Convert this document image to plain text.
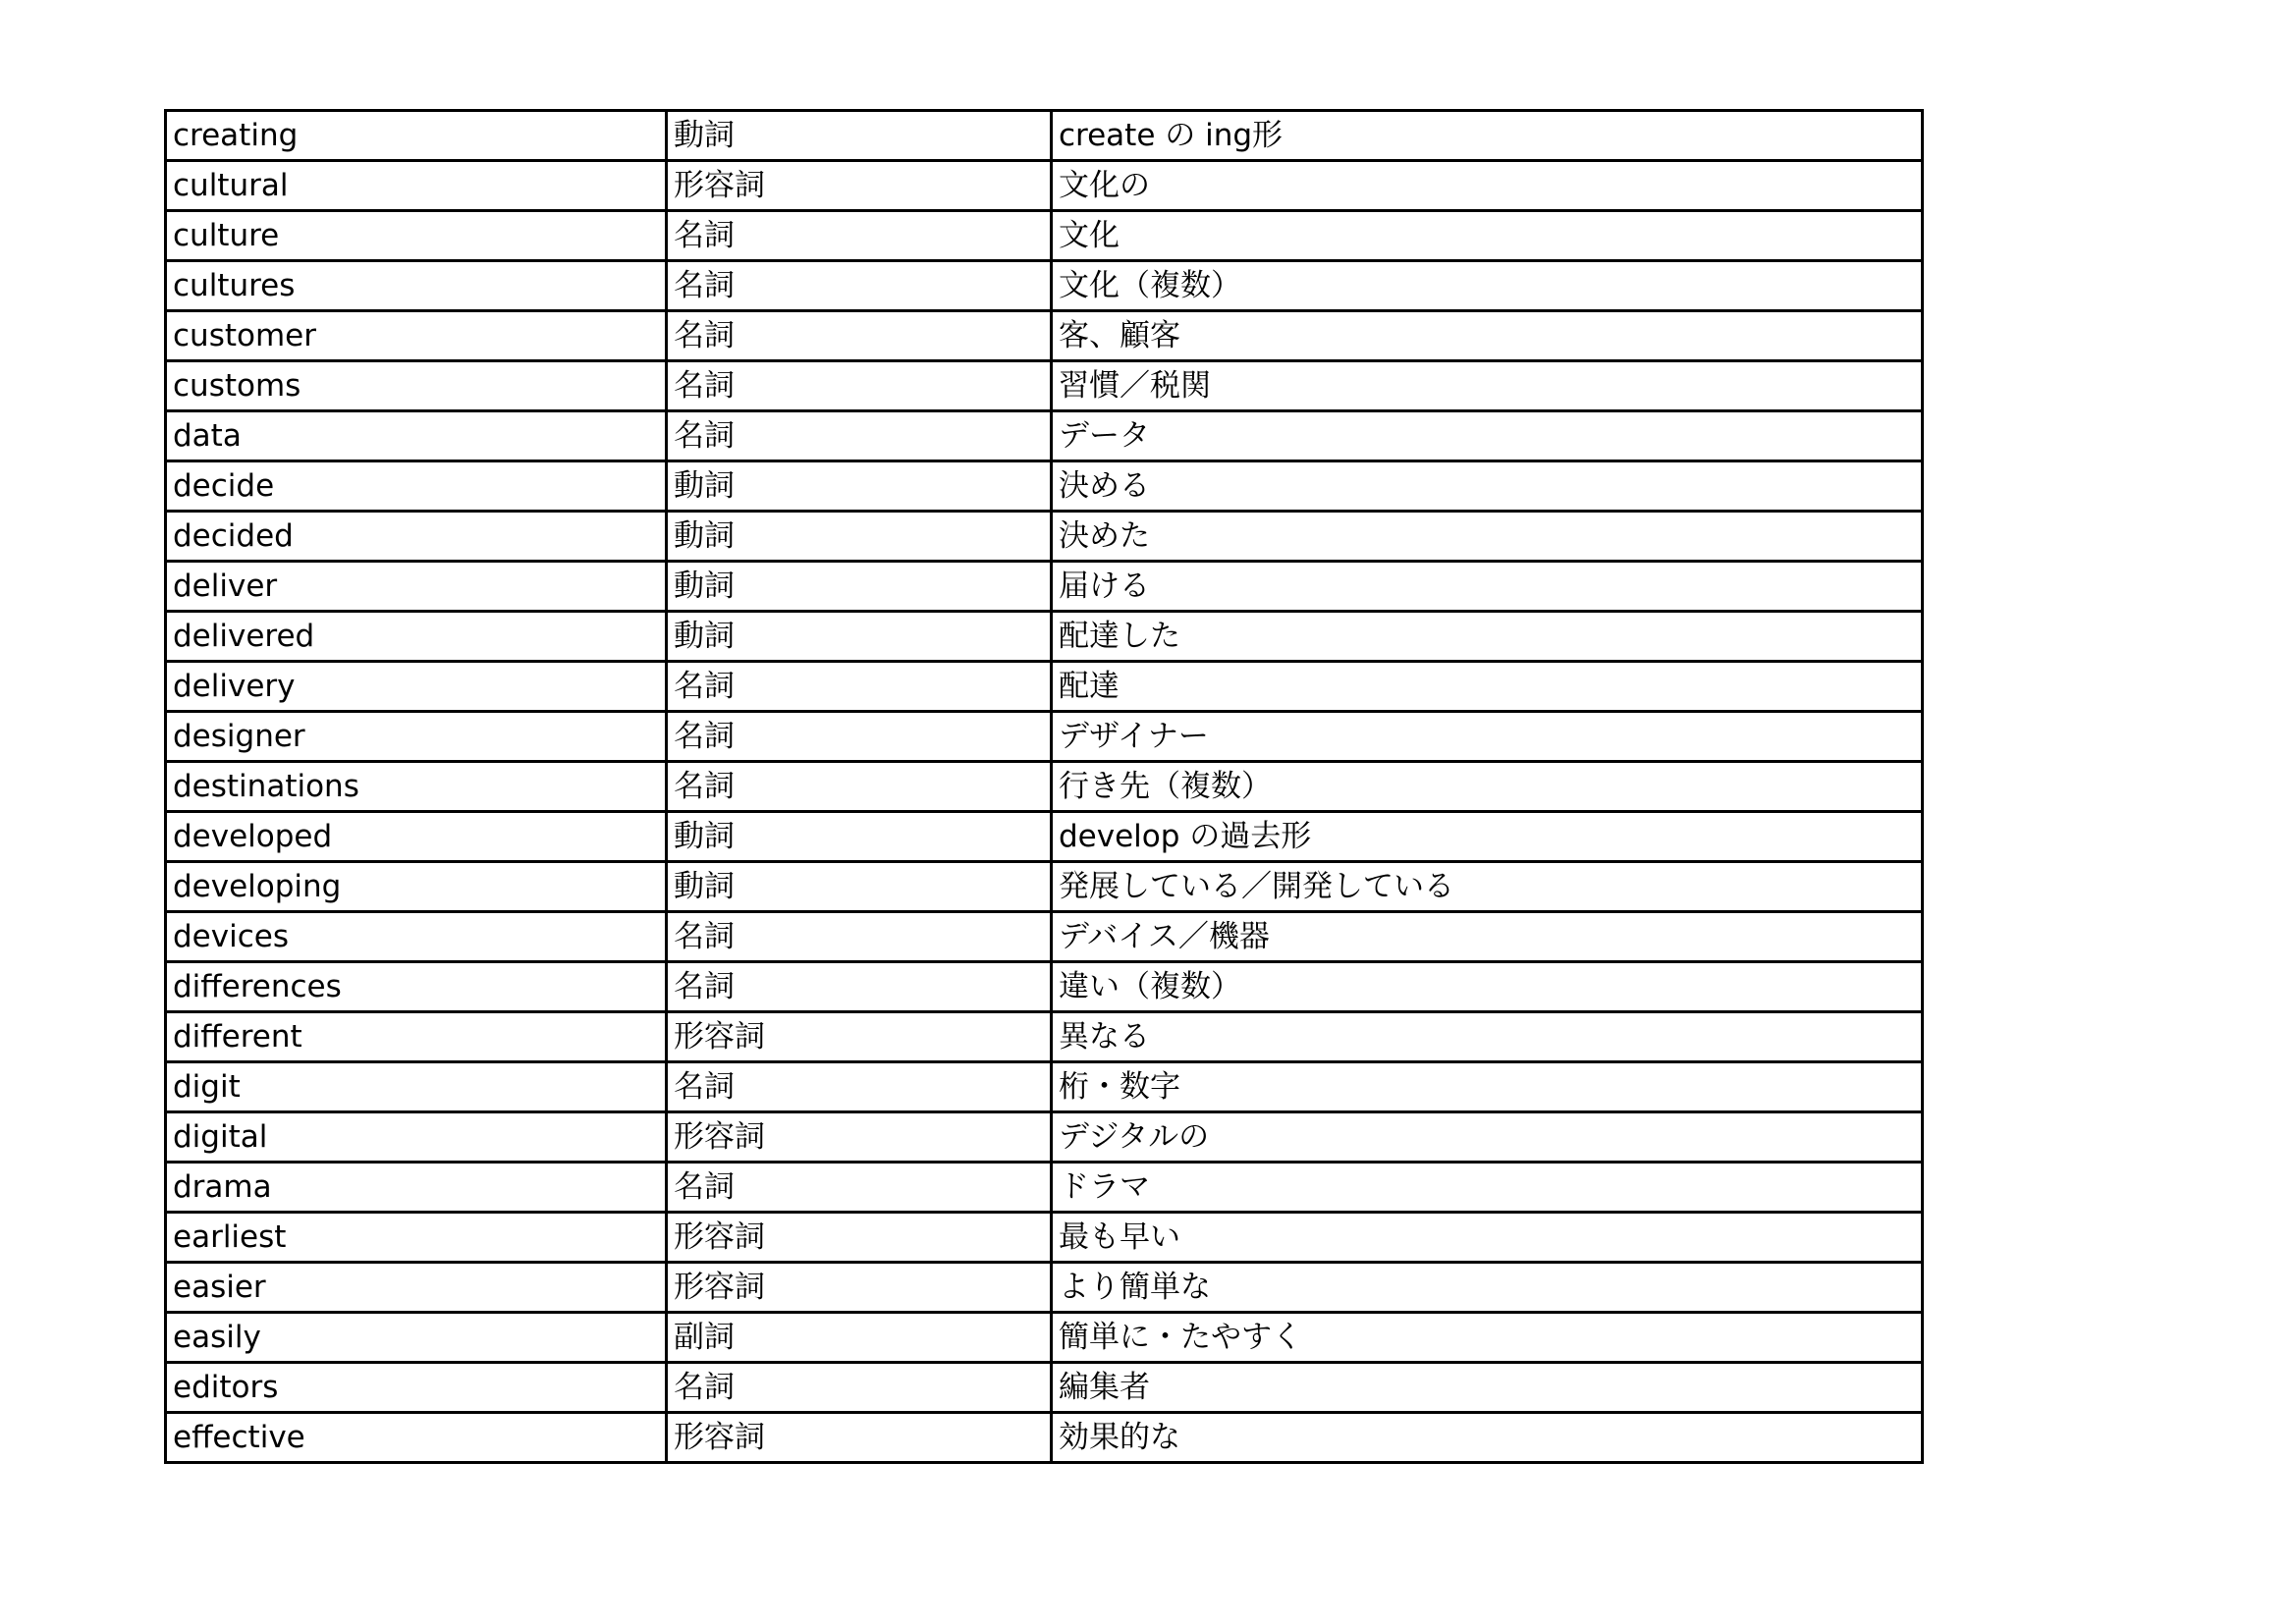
creating	動詞	create の ing形
cultural	形容詞	文化の
culture	名詞	文化
cultures	名詞	文化（複数）
customer	名詞	客、顧客
customs	名詞	習慣／税関
data	名詞	データ
decide	動詞	決める
decided	動詞	決めた
deliver	動詞	届ける
delivered	動詞	配達した
delivery	名詞	配達
designer	名詞	デザイナー
destinations	名詞	行き先（複数）
developed	動詞	develop の過去形
developing	動詞	発展している／開発している
devices	名詞	デバイス／機器
differences	名詞	違い（複数）
different	形容詞	異なる
digit	名詞	桁・数字
digital	形容詞	デジタルの
drama	名詞	ドラマ
earliest	形容詞	最も早い
easier	形容詞	より簡単な
easily	副詞	簡単に・たやすく
editors	名詞	編集者
effective	形容詞	効果的な
